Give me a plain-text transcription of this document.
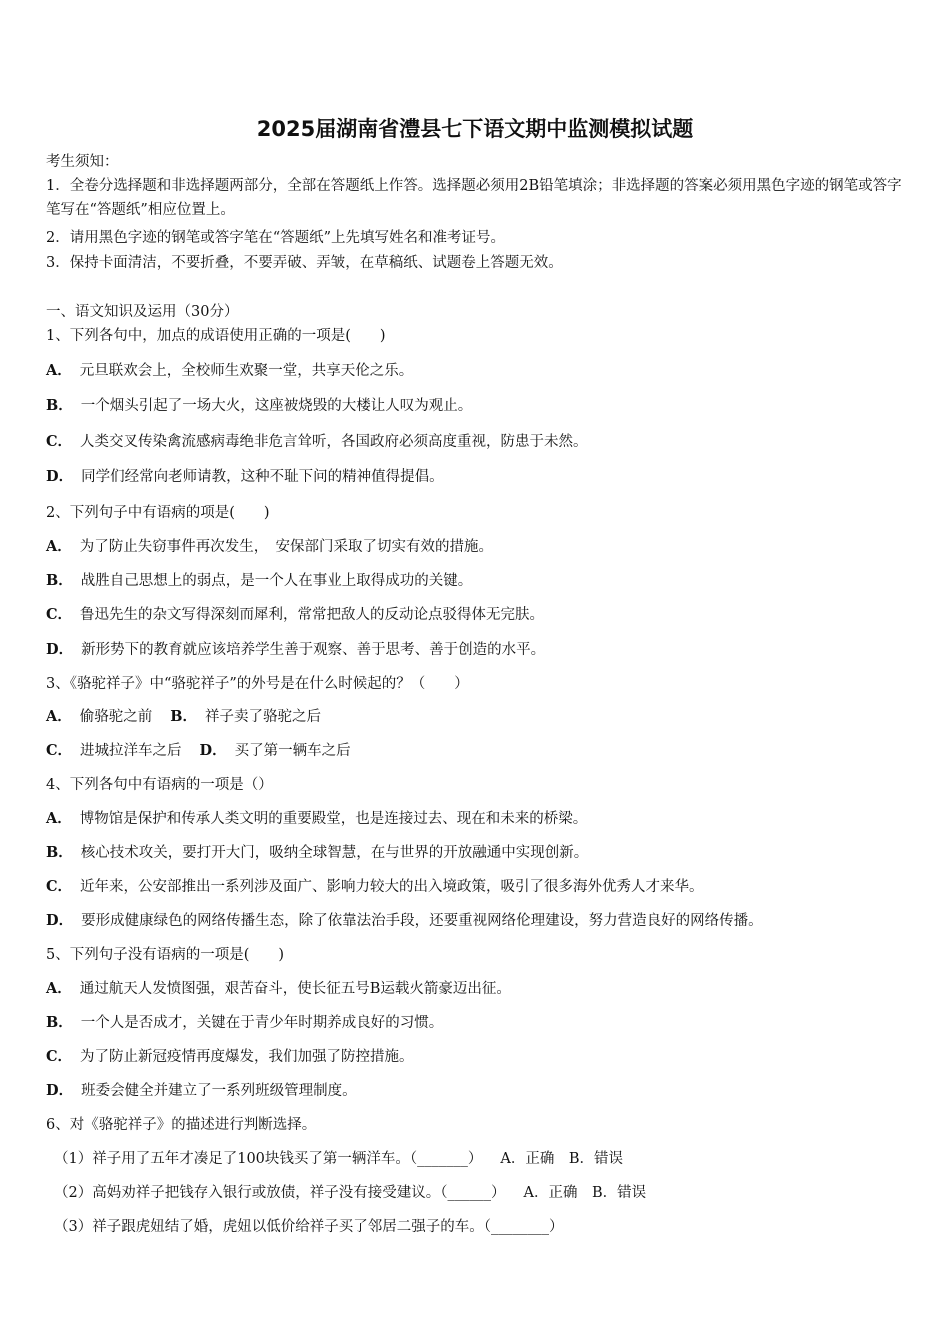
2025届湖南省澧县七下语文期中监测模拟试题
考生须知：
1．全卷分选择题和非选择题两部分，全部在答题纸上作答。选择题必须用2B铅笔填涂；非选择题的答案必须用黑色字迹的钢笔或答字笔写在“答题纸”相应位置上。
2．请用黑色字迹的钢笔或答字笔在“答题纸”上先填写姓名和准考证号。
3．保持卡面清洁，不要折叠，不要弄破、弄皱，在草稿纸、试题卷上答题无效。
一、语文知识及运用（30分）
1、下列各句中，加点的成语使用正确的一项是(　　)
A． 元旦联欢会上，全校师生欢聚一堂，共享天伦之乐。
B． 一个烟头引起了一场大火，这座被烧毁的大楼让人叹为观止。
C． 人类交叉传染禽流感病毒绝非危言耸听，各国政府必须高度重视，防患于未然。
D． 同学们经常向老师请教，这种不耻下问的精神值得提倡。
2、下列句子中有语病的项是(　　)
A． 为了防止失窃事件再次发生，　安保部门采取了切实有效的措施。
B． 战胜自己思想上的弱点，是一个人在事业上取得成功的关键。
C． 鲁迅先生的杂文写得深刻而犀利，常常把敌人的反动论点驳得体无完肤。
D． 新形势下的教育就应该培养学生善于观察、善于思考、善于创造的水平。
3、《骆驼祥子》中“骆驼祥子”的外号是在什么时候起的？（　　）
A． 偷骆驼之前 B． 祥子卖了骆驼之后
C． 进城拉洋车之后 D． 买了第一辆车之后
4、下列各句中有语病的一项是（）
A． 博物馆是保护和传承人类文明的重要殿堂，也是连接过去、现在和未来的桥梁。
B． 核心技术攻关，要打开大门，吸纳全球智慧，在与世界的开放融通中实现创新。
C． 近年来，公安部推出一系列涉及面广、影响力较大的出入境政策，吸引了很多海外优秀人才来华。
D． 要形成健康绿色的网络传播生态，除了依靠法治手段，还要重视网络伦理建设，努力营造良好的网络传播。
5、下列句子没有语病的一项是(　　)
A． 通过航天人发愤图强，艰苦奋斗，使长征五号B运载火箭豪迈出征。
B． 一个人是否成才，关键在于青少年时期养成良好的习惯。
C． 为了防止新冠疫情再度爆发，我们加强了防控措施。
D． 班委会健全并建立了一系列班级管理制度。
6、对《骆驼祥子》的描述进行判断选择。
（1）祥子用了五年才凑足了100块钱买了第一辆洋车。（_______） A．正确　B．错误
（2）高妈劝祥子把钱存入银行或放债，祥子没有接受建议。（______） A．正确　B．错误
（3）祥子跟虎妞结了婚，虎妞以低价给祥子买了邻居二强子的车。（________）
